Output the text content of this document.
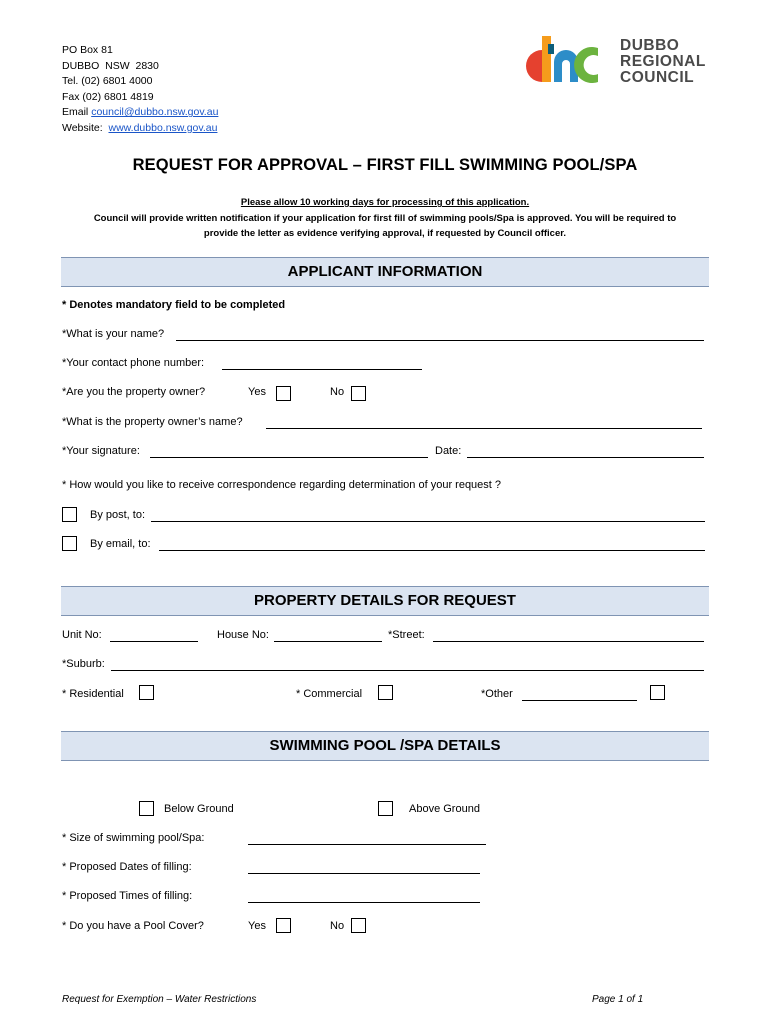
PO Box 81
DUBBO  NSW  2830
Tel. (02) 6801 4000
Fax (02) 6801 4819
Email council@dubbo.nsw.gov.au
Website:  www.dubbo.nsw.gov.au
DUBBO
REGIONAL
COUNCIL
REQUEST FOR APPROVAL – FIRST FILL SWIMMING POOL/SPA
Please allow 10 working days for processing of this application.
Council will provide written notification if your application for first fill of swimming pools/Spa is approved. You will be required to
provide the letter as evidence verifying approval, if requested by Council officer.
APPLICANT INFORMATION
* Denotes mandatory field to be completed
*What is your name?
*Your contact phone number:
*Are you the property owner?	Yes	No
*What is the property owner’s name?
*Your signature:	Date:
* How would you like to receive correspondence regarding determination of your request ?
By post, to:
By email, to:
PROPERTY DETAILS FOR REQUEST
Unit No:	House No:	*Street:
*Suburb:
* Residential	* Commercial	*Other
SWIMMING POOL /SPA DETAILS
Below Ground	Above Ground
* Size of swimming pool/Spa:
* Proposed Dates of filling:
* Proposed Times of filling:
* Do you have a Pool Cover?	Yes	No
Request for Exemption – Water Restrictions	Page 1 of 1
